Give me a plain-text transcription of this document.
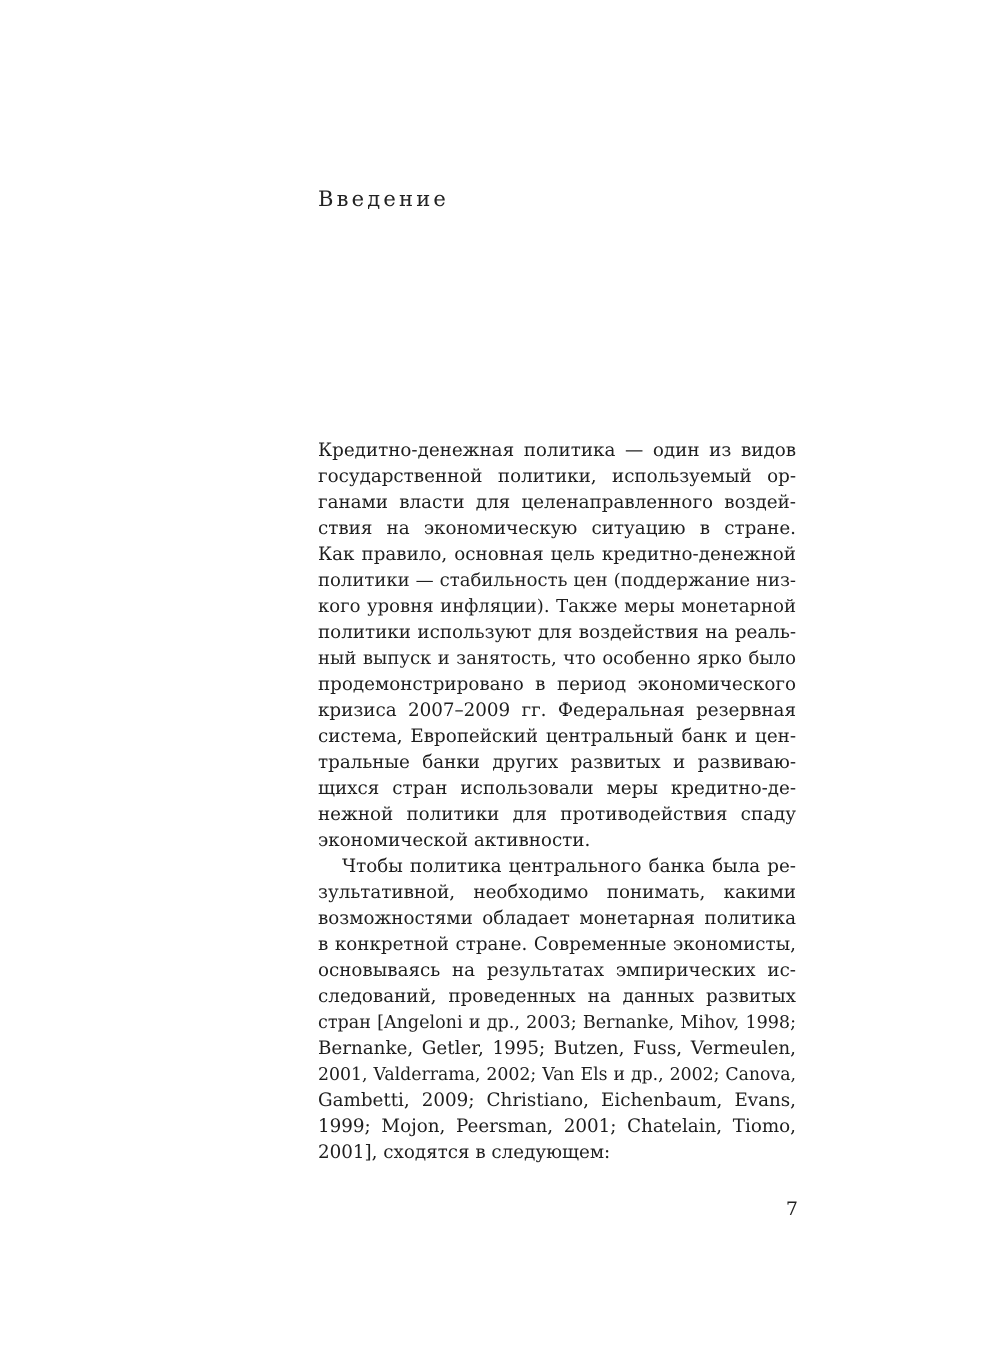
Введение
Кредитно-денежная политика — один из видов
государственной политики, используемый ор-
ганами власти для целенаправленного воздей-
ствия на экономическую ситуацию в стране.
Как правило, основная цель кредитно-денежной
политики — стабильность цен (поддержание низ-
кого уровня инфляции). Также меры монетарной
политики используют для воздействия на реаль-
ный выпуск и занятость, что особенно ярко было
продемонстрировано в период экономического
кризиса 2007–2009 гг. Федеральная резервная
система, Европейский центральный банк и цен-
тральные банки других развитых и развиваю-
щихся стран использовали меры кредитно-де-
нежной политики для противодействия спаду
экономической активности.
Чтобы политика центрального банка была ре-
зультативной, необходимо понимать, какими
возможностями обладает монетарная политика
в конкретной стране. Современные экономисты,
основываясь на результатах эмпирических ис-
следований, проведенных на данных развитых
стран [Angeloni и др., 2003; Bernanke, Mihov, 1998;
Bernanke, Getler, 1995; Butzen, Fuss, Vermeulen,
2001, Valderrama, 2002; Van Els и др., 2002; Canova,
Gambetti, 2009; Christiano, Eichenbaum, Evans,
1999; Mojon, Peersman, 2001; Chatelain, Tiomo,
2001], сходятся в следующем:
7
